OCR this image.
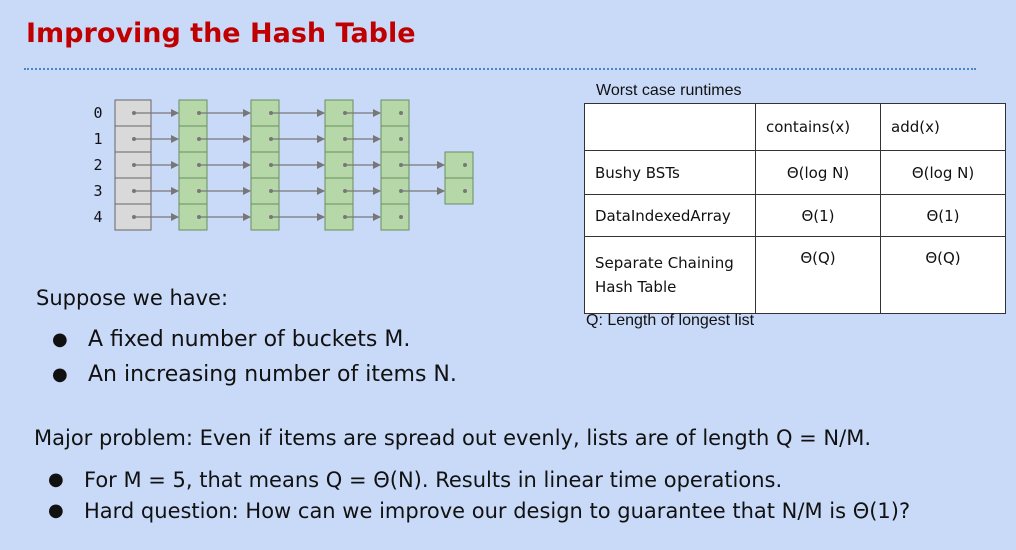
Improving the Hash Table
0
1
2
3
4
Worst case runtimes
	contains(x)	add(x)
Bushy BSTs	Θ(log N)	Θ(log N)
DataIndexedArray	Θ(1)	Θ(1)
Separate Chaining Hash Table	Θ(Q)	Θ(Q)
Q: Length of longest list
Suppose we have:
● A fixed number of buckets M.
● An increasing number of items N.
Major problem: Even if items are spread out evenly, lists are of length Q = N/M.
● For M = 5, that means Q = Θ(N). Results in linear time operations.
● Hard question: How can we improve our design to guarantee that N/M is Θ(1)?
